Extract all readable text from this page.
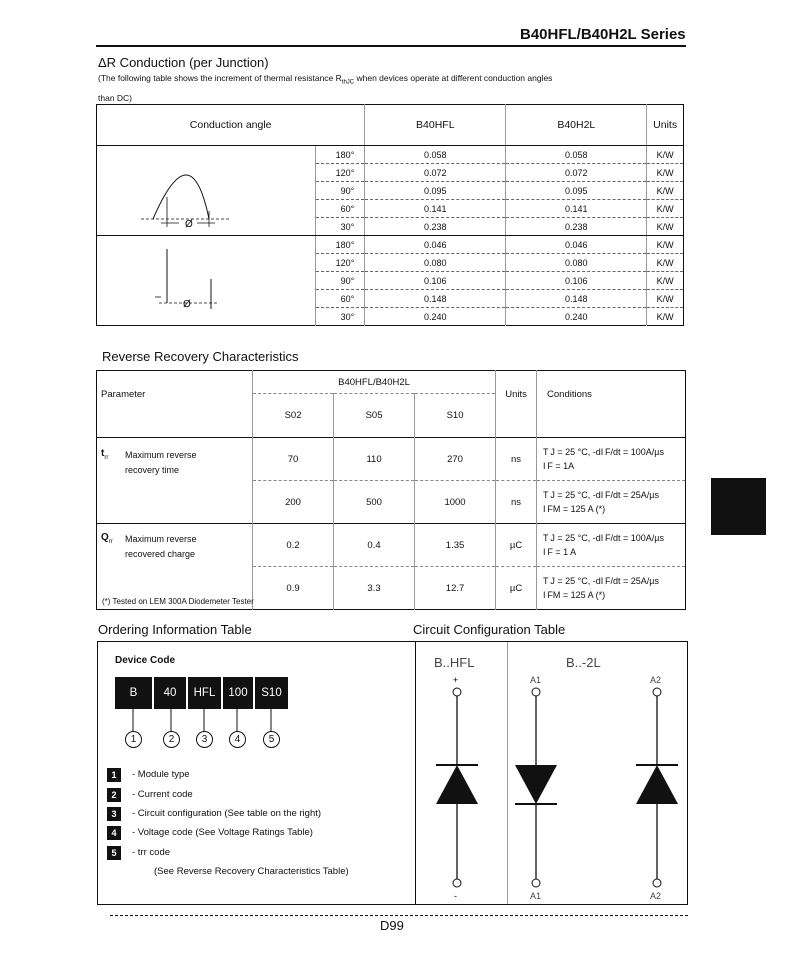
B40HFL/B40H2L Series
ΔR Conduction (per Junction)
(The following table shows the increment of thermal resistance $R_{thJC}$ when devices operate at different conduction angles
than DC)
Conduction angle		B40HFL	B40H2L	Units

Ø	180°	0.058	0.058	K/W
	120°	0.072	0.072	K/W
	90°	0.095	0.095	K/W
	60°	0.141	0.141	K/W
	30°	0.238	0.238	K/W

Ø	180°	0.046	0.046	K/W
	120°	0.080	0.080	K/W
	90°	0.106	0.106	K/W
	60°	0.148	0.148	K/W
	30°	0.240	0.240	K/W
Reverse Recovery Characteristics
Parameter		B40HFL/B40H2L			Units	Conditions
		S02	S05	S10		
$t_{rr}$	Maximum reverse
recovery time	70	110	270	ns	T J = 25 °C, -dI F/dt = 100A/µs
I F = 1A
		200	500	1000	ns	T J = 25 °C, -dI F/dt = 25A/µs
I FM = 125 A (*)
$Q_{rr}$	Maximum reverse
recovered charge	0.2	0.4	1.35	µC	T J = 25 °C, -dI F/dt = 100A/µs
I F = 1 A
		0.9	3.3	12.7	µC	T J = 25 °C, -dI F/dt = 25A/µs
I FM = 125 A (*)
(*) Tested on LEM 300A Diodemeter Tester
Ordering Information Table	Circuit Configuration Table
Device Code
B	40	HFL	100	S10
1	2	3	4	5
1	- Module type
2	- Current code
3	- Circuit configuration (See table on the right)
4	- Voltage code (See Voltage Ratings Table)
5	- trr code
(See Reverse Recovery Characteristics Table)
B..HFL
+
-
B..-2L
A1
A1
A2
A2
D99
